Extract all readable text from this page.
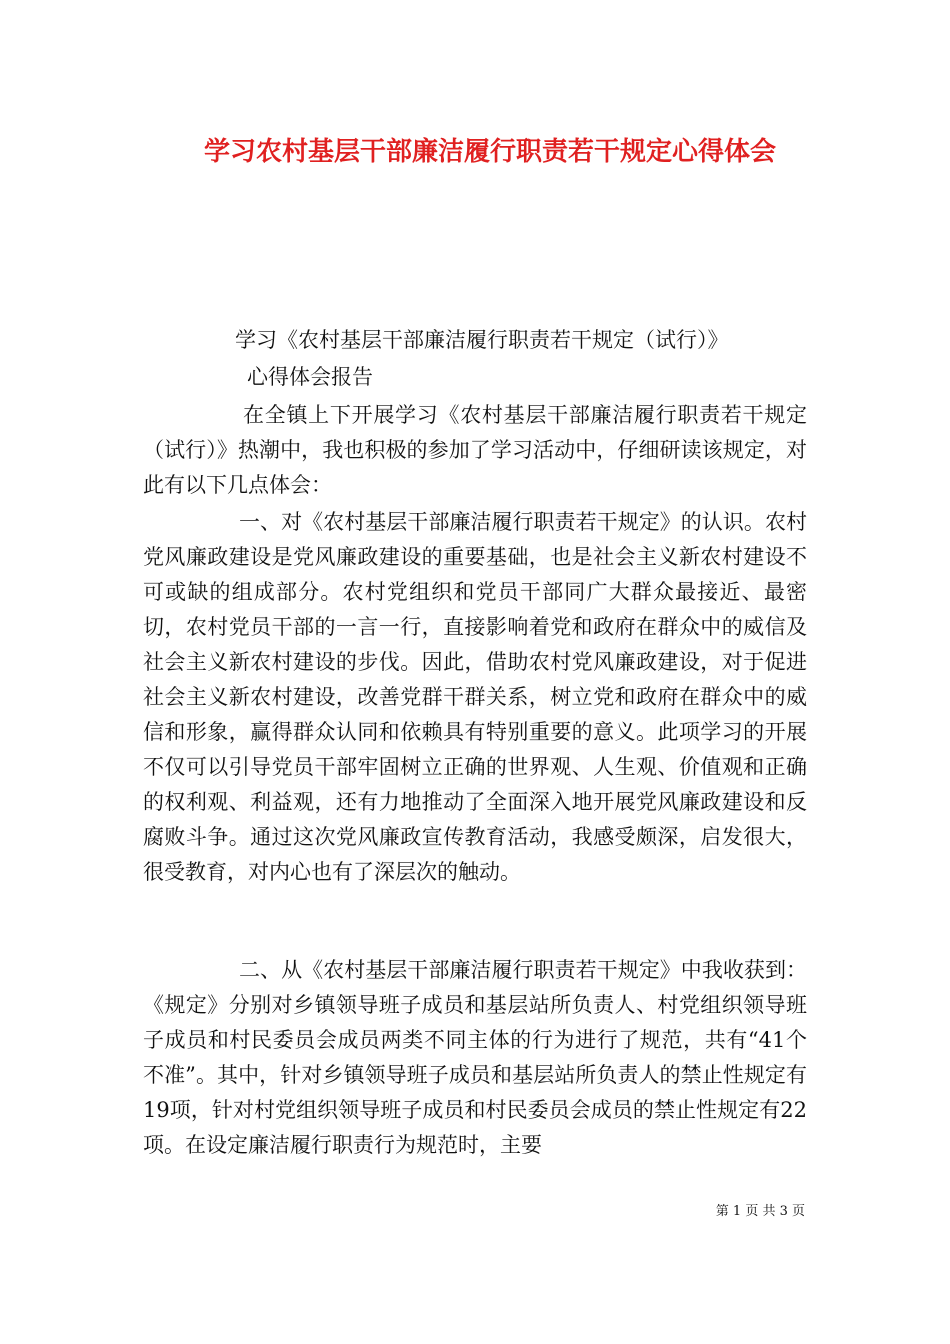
学习农村基层干部廉洁履行职责若干规定心得体会

学习《农村基层干部廉洁履行职责若干规定（试行）》

心得体会报告

在全镇上下开展学习《农村基层干部廉洁履行职责若干规定（试行）》热潮中，我也积极的参加了学习活动中，仔细研读该规定，对此有以下几点体会：

一、对《农村基层干部廉洁履行职责若干规定》的认识。农村党风廉政建设是党风廉政建设的重要基础，也是社会主义新农村建设不可或缺的组成部分。农村党组织和党员干部同广大群众最接近、最密切，农村党员干部的一言一行，直接影响着党和政府在群众中的威信及社会主义新农村建设的步伐。因此，借助农村党风廉政建设，对于促进社会主义新农村建设，改善党群干群关系，树立党和政府在群众中的威信和形象，赢得群众认同和依赖具有特别重要的意义。此项学习的开展不仅可以引导党员干部牢固树立正确的世界观、人生观、价值观和正确的权利观、利益观，还有力地推动了全面深入地开展党风廉政建设和反腐败斗争。通过这次党风廉政宣传教育活动，我感受颇深，启发很大，很受教育，对内心也有了深层次的触动。

二、从《农村基层干部廉洁履行职责若干规定》中我收获到：《规定》分别对乡镇领导班子成员和基层站所负责人、村党组织领导班子成员和村民委员会成员两类不同主体的行为进行了规范，共有“41个不准”。其中，针对乡镇领导班子成员和基层站所负责人的禁止性规定有19项，针对村党组织领导班子成员和村民委员会成员的禁止性规定有22项。在设定廉洁履行职责行为规范时，主要

第 1 页 共 3 页
